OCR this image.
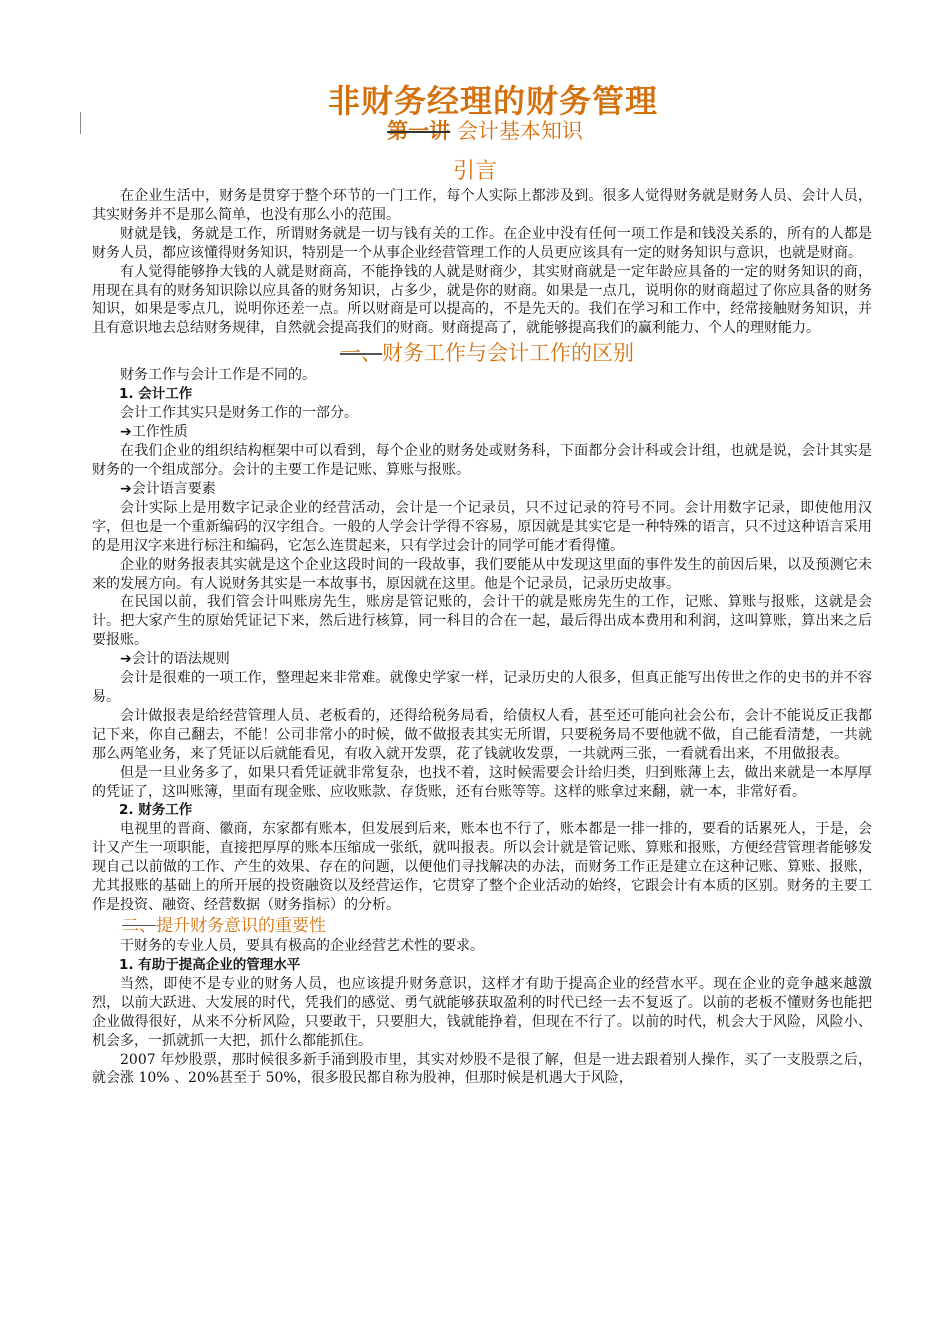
非财务经理的财务管理
第一讲 会计基本知识
引言

在企业生活中，财务是贯穿于整个环节的一门工作，每个人实际上都涉及到。很多人觉得财务就是财务人员、会计人员，其实财务并不是那么简单，也没有那么小的范围。

财就是钱，务就是工作，所谓财务就是一切与钱有关的工作。在企业中没有任何一项工作是和钱没关系的，所有的人都是财务人员，都应该懂得财务知识，特别是一个从事企业经营管理工作的人员更应该具有一定的财务知识与意识，也就是财商。

有人觉得能够挣大钱的人就是财商高，不能挣钱的人就是财商少，其实财商就是一定年龄应具备的一定的财务知识的商，用现在具有的财务知识除以应具备的财务知识，占多少，就是你的财商。如果是一点几，说明你的财商超过了你应具备的财务知识，如果是零点几，说明你还差一点。所以财商是可以提高的，不是先天的。我们在学习和工作中，经常接触财务知识，并且有意识地去总结财务规律，自然就会提高我们的财商。财商提高了，就能够提高我们的赢利能力、个人的理财能力。

一、财务工作与会计工作的区别

财务工作与会计工作是不同的。

1. 会计工作

会计工作其实只是财务工作的一部分。

➔工作性质

在我们企业的组织结构框架中可以看到，每个企业的财务处或财务科，下面都分会计科或会计组，也就是说，会计其实是财务的一个组成部分。会计的主要工作是记账、算账与报账。

➔会计语言要素

会计实际上是用数字记录企业的经营活动，会计是一个记录员，只不过记录的符号不同。会计用数字记录，即使他用汉字，但也是一个重新编码的汉字组合。一般的人学会计学得不容易，原因就是其实它是一种特殊的语言，只不过这种语言采用的是用汉字来进行标注和编码，它怎么连贯起来，只有学过会计的同学可能才看得懂。

企业的财务报表其实就是这个企业这段时间的一段故事，我们要能从中发现这里面的事件发生的前因后果，以及预测它未来的发展方向。有人说财务其实是一本故事书，原因就在这里。他是个记录员，记录历史故事。

在民国以前，我们管会计叫账房先生，账房是管记账的，会计干的就是账房先生的工作，记账、算账与报账，这就是会计。把大家产生的原始凭证记下来，然后进行核算，同一科目的合在一起，最后得出成本费用和利润，这叫算账，算出来之后要报账。

➔会计的语法规则

会计是很难的一项工作，整理起来非常难。就像史学家一样，记录历史的人很多，但真正能写出传世之作的史书的并不容易。

会计做报表是给经营管理人员、老板看的，还得给税务局看，给债权人看，甚至还可能向社会公布，会计不能说反正我都记下来，你自己翻去，不能！公司非常小的时候，做不做报表其实无所谓，只要税务局不要他就不做，自己能看清楚，一共就那么两笔业务，来了凭证以后就能看见，有收入就开发票，花了钱就收发票，一共就两三张，一看就看出来，不用做报表。

但是一旦业务多了，如果只看凭证就非常复杂，也找不着，这时候需要会计给归类，归到账薄上去，做出来就是一本厚厚的凭证了，这叫账簿，里面有现金账、应收账款、存货账，还有台账等等。这样的账拿过来翻，就一本，非常好看。

2. 财务工作

电视里的晋商、徽商，东家都有账本，但发展到后来，账本也不行了，账本都是一排一排的，要看的话累死人，于是，会计又产生一项职能，直接把厚厚的账本压缩成一张纸，就叫报表。所以会计就是管记账、算账和报账，方便经营管理者能够发现自己以前做的工作、产生的效果、存在的问题，以便他们寻找解决的办法，而财务工作正是建立在这种记账、算账、报账，尤其报账的基础上的所开展的投资融资以及经营运作，它贯穿了整个企业活动的始终，它跟会计有本质的区别。财务的主要工作是投资、融资、经营数据（财务指标）的分析。

二、提升财务意识的重要性

干财务的专业人员，要具有极高的企业经营艺术性的要求。

1. 有助于提高企业的管理水平

当然，即使不是专业的财务人员，也应该提升财务意识，这样才有助于提高企业的经营水平。现在企业的竞争越来越激烈，以前大跃进、大发展的时代，凭我们的感觉、勇气就能够获取盈利的时代已经一去不复返了。以前的老板不懂财务也能把企业做得很好，从来不分析风险，只要敢干，只要胆大，钱就能挣着，但现在不行了。以前的时代，机会大于风险，风险小、机会多，一抓就抓一大把，抓什么都能抓住。

2007 年炒股票，那时候很多新手涌到股市里，其实对炒股不是很了解，但是一进去跟着别人操作，买了一支股票之后，就会涨 10% 、20%甚至于 50%，很多股民都自称为股神，但那时候是机遇大于风险，
